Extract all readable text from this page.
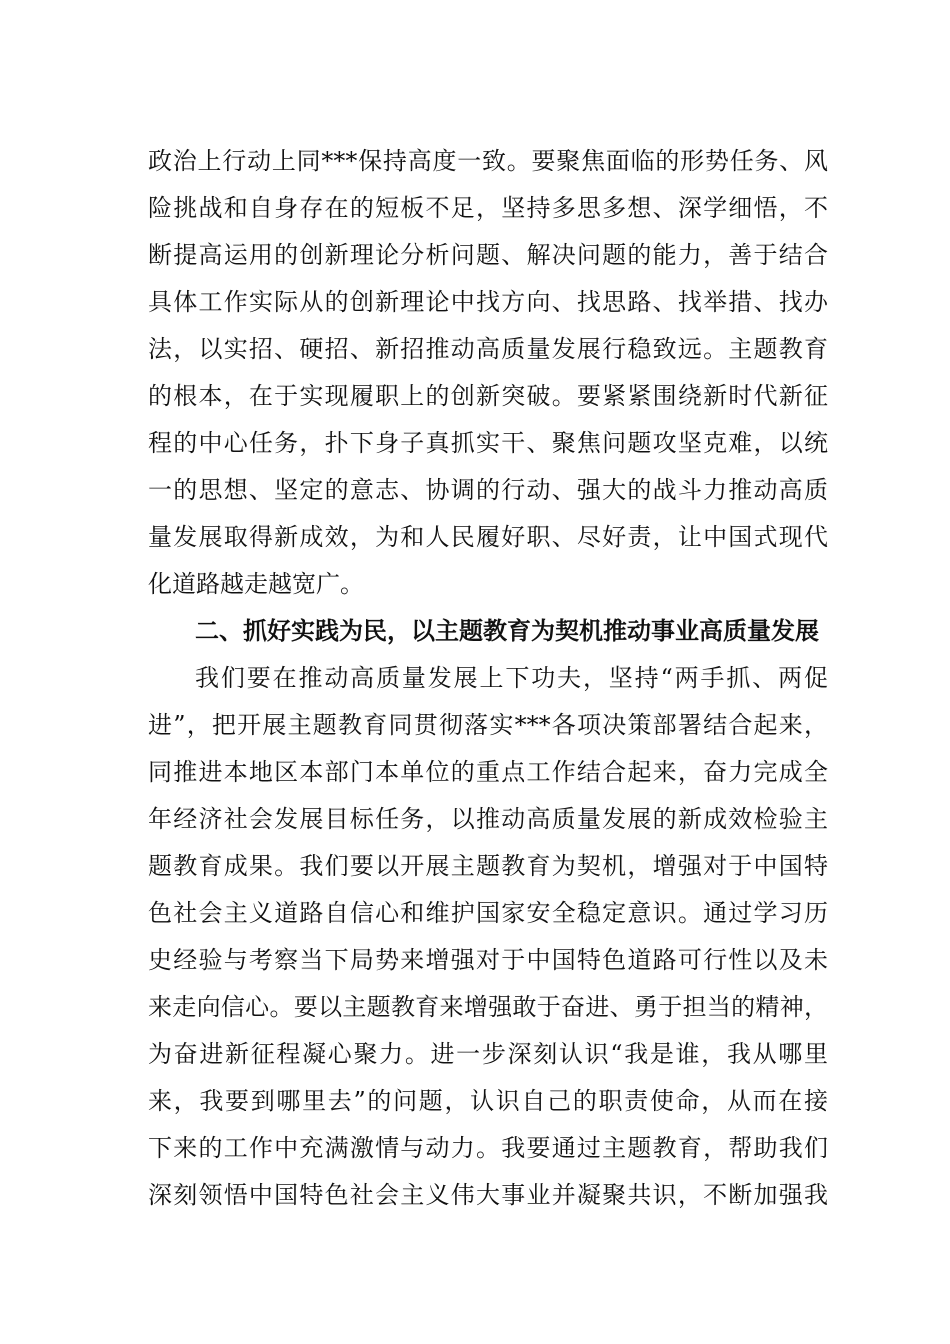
政治上行动上同***保持高度一致。要聚焦面临的形势任务、风
险挑战和自身存在的短板不足，坚持多思多想、深学细悟，不
断提高运用的创新理论分析问题、解决问题的能力，善于结合
具体工作实际从的创新理论中找方向、找思路、找举措、找办
法，以实招、硬招、新招推动高质量发展行稳致远。主题教育
的根本，在于实现履职上的创新突破。要紧紧围绕新时代新征
程的中心任务，扑下身子真抓实干、聚焦问题攻坚克难，以统
一的思想、坚定的意志、协调的行动、强大的战斗力推动高质
量发展取得新成效，为和人民履好职、尽好责，让中国式现代
化道路越走越宽广。
二、抓好实践为民，以主题教育为契机推动事业高质量发展
我们要在推动高质量发展上下功夫，坚持“两手抓、两促
进”，把开展主题教育同贯彻落实***各项决策部署结合起来，
同推进本地区本部门本单位的重点工作结合起来，奋力完成全
年经济社会发展目标任务，以推动高质量发展的新成效检验主
题教育成果。我们要以开展主题教育为契机，增强对于中国特
色社会主义道路自信心和维护国家安全稳定意识。通过学习历
史经验与考察当下局势来增强对于中国特色道路可行性以及未
来走向信心。要以主题教育来增强敢于奋进、勇于担当的精神，
为奋进新征程凝心聚力。进一步深刻认识“我是谁，我从哪里
来，我要到哪里去”的问题，认识自己的职责使命，从而在接
下来的工作中充满激情与动力。我要通过主题教育，帮助我们
深刻领悟中国特色社会主义伟大事业并凝聚共识，不断加强我
